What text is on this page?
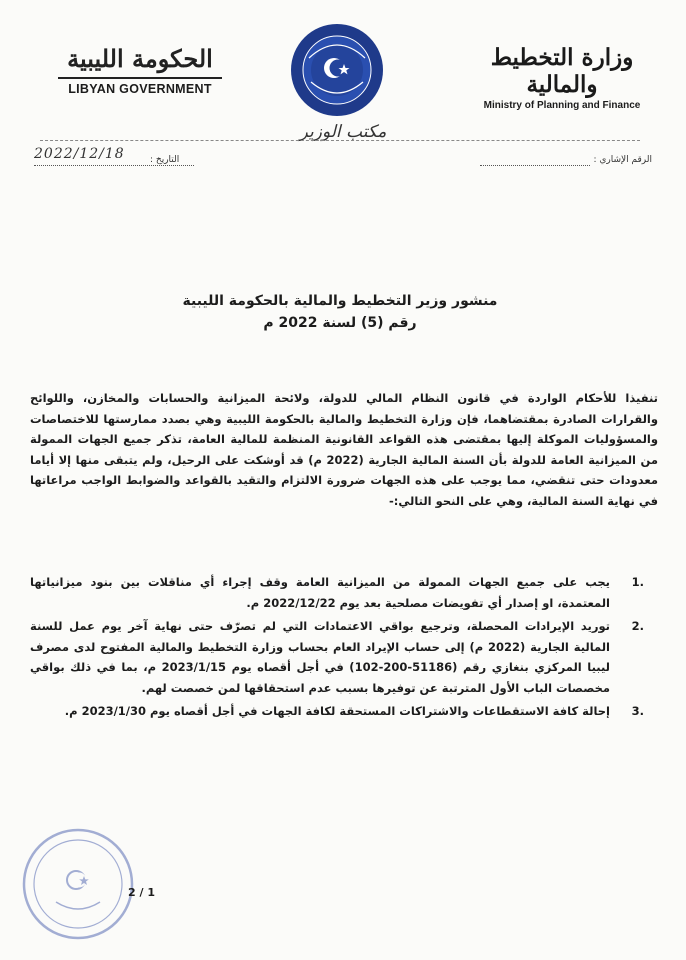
وزارة التخطيط والمالية
Ministry of Planning and Finance
الحكومة الليبية
LIBYAN GOVERNMENT
مكتب الوزير
الرقم الإشاري :
2022/12/18	التاريخ :
منشور وزير التخطيط والمالية بالحكومة الليبية
رقم (5) لسنة 2022 م
تنفيذا للأحكام الواردة في قانون النظام المالي للدولة، ولائحة الميزانية والحسابات والمخازن، واللوائح والقرارات الصادرة بمقتضاهما، فإن وزارة التخطيط والمالية بالحكومة الليبية وهي بصدد ممارستها للاختصاصات والمسؤوليات الموكلة إليها بمقتضى هذه القواعد القانونية المنظمة للمالية العامة، تذكر جميع الجهات الممولة من الميزانية العامة للدولة بأن السنة المالية الجارية (2022 م) قد أوشكت على الرحيل، ولم يتبقى منها إلا أياما معدودات حتى تنقضي، مما يوجب على هذه الجهات ضرورة الالتزام والتقيد بالقواعد والضوابط الواجب مراعاتها في نهاية السنة المالية، وهي على النحو التالي:-
1.
يجب على جميع الجهات الممولة من الميزانية العامة وقف إجراء أي مناقلات بين بنود ميزانياتها المعتمدة، او إصدار أي تفويضات مصلحية بعد يوم 2022/12/22 م.
2.
توريد الإيرادات المحصلة، وترجيع بواقي الاعتمادات التي لم تصرّف حتى نهاية آخر يوم عمل للسنة المالية الجارية (2022 م) إلى حساب الإيراد العام بحساب وزارة التخطيط والمالية المفتوح لدى مصرف ليبيا المركزي بنغازي رقم (51186-200-102) في أجل أقصاه يوم 2023/1/15 م، بما في ذلك بواقي مخصصات الباب الأول المترتبة عن توفيرها بسبب عدم استحقاقها لمن خصصت لهم.
3.
إحالة كافة الاستقطاعات والاشتراكات المستحقة لكافة الجهات في أجل أقصاه يوم 2023/1/30 م.
2 / 1
